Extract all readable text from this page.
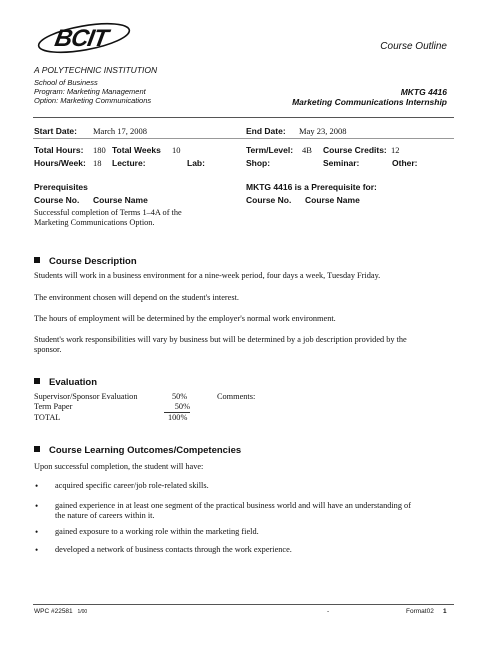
BCIT
A POLYTECHNIC INSTITUTION
School of Business
Program: Marketing Management
Option: Marketing Communications
Course Outline
MKTG 4416
Marketing Communications Internship
Start Date: March 17, 2008	End Date: May 23, 2008
Total Hours: 180 Total Weeks 10	Term/Level: 4B Course Credits: 12
Hours/Week: 18 Lecture:	Lab:	Shop:	Seminar:	Other:
Prerequisites
Course No. Course Name
Successful completion of Terms 1–4A of the
Marketing Communications Option.
MKTG 4416 is a Prerequisite for:
Course No. Course Name
Course Description
Students will work in a business environment for a nine-week period, four days a week, Tuesday Friday.
The environment chosen will depend on the student's interest.
The hours of employment will be determined by the employer's normal work environment.
Student's work responsibilities will vary by business but will be determined by a job description provided by the
sponsor.
Evaluation
Supervisor/Sponsor Evaluation	50%
Term Paper	50%
TOTAL	100%
Comments:
Course Learning Outcomes/Competencies
Upon successful completion, the student will have:
• acquired specific career/job role-related skills.
• gained experience in at least one segment of the practical business world and will have an understanding of
the nature of careers within it.
• gained exposure to a working role within the marketing field.
• developed a network of business contacts through the work experience.
WPC #22581 1/00	-	Format02 1
